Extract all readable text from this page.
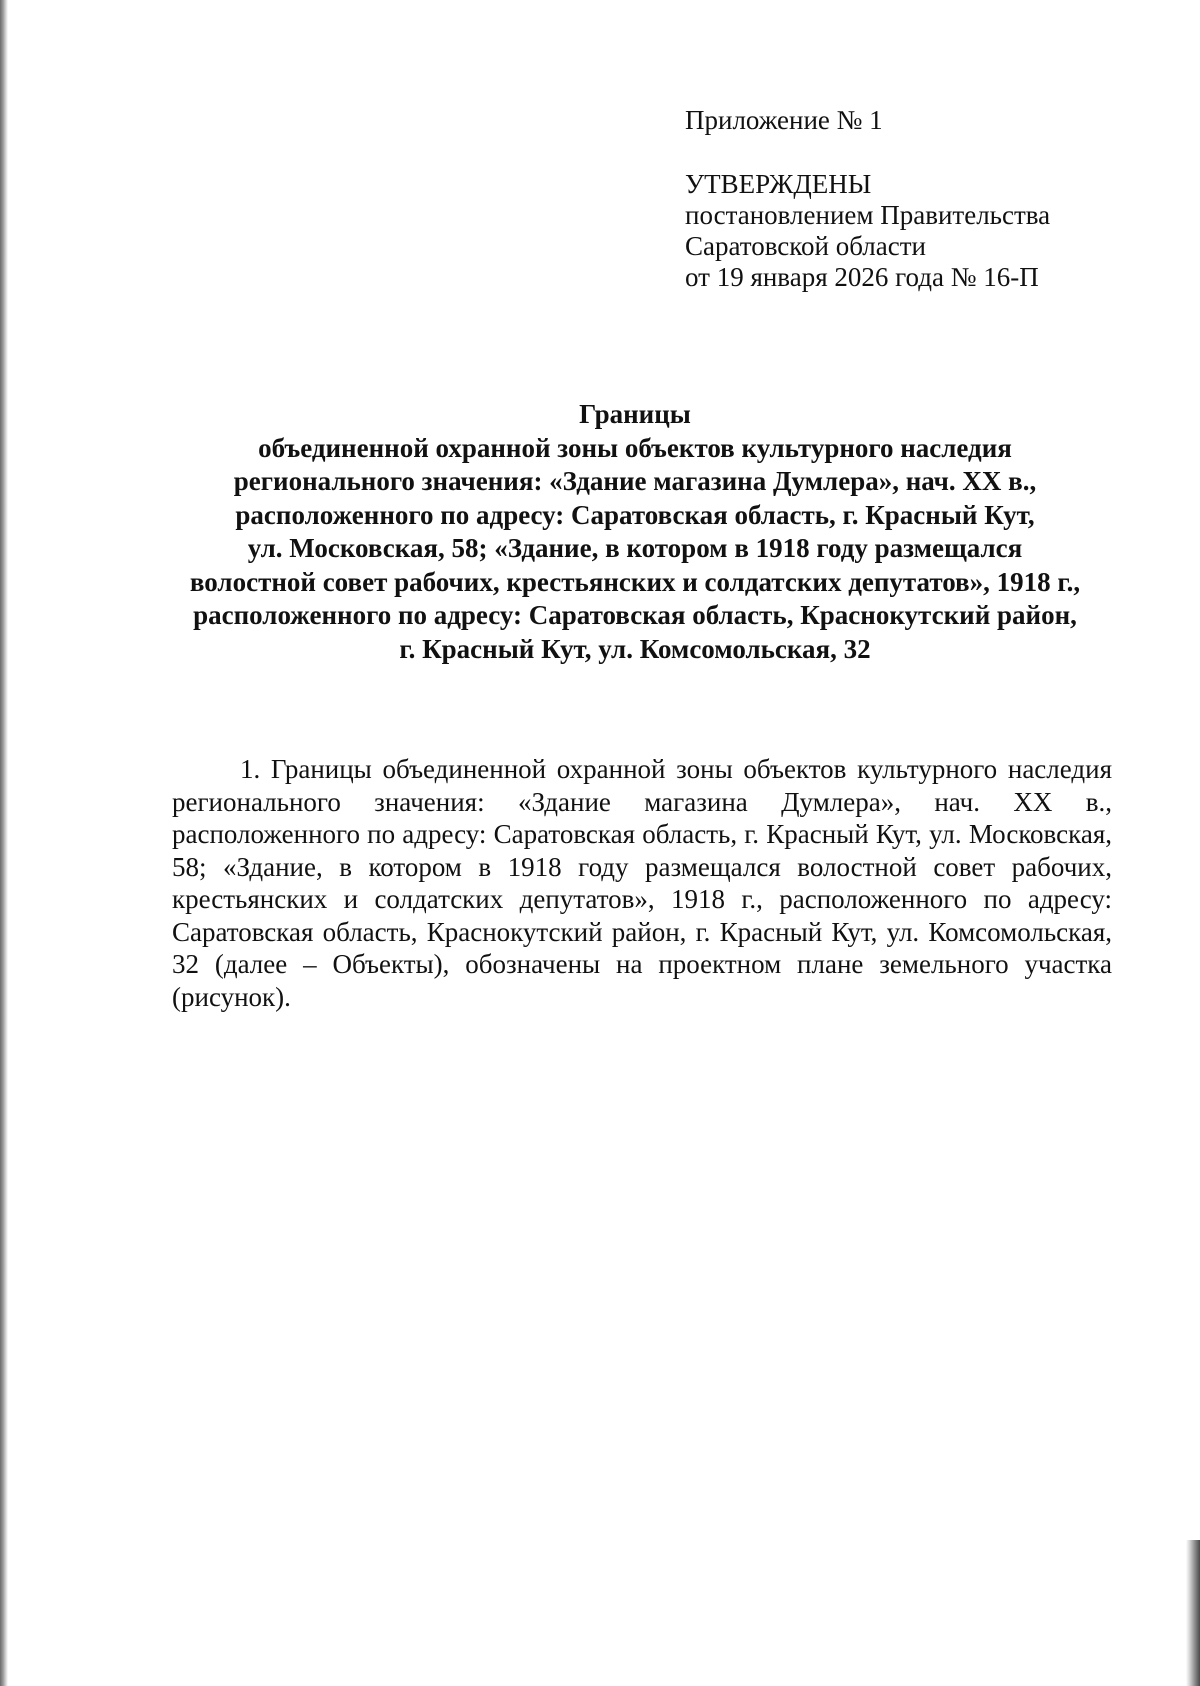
Приложение № 1
УТВЕРЖДЕНЫ
постановлением Правительства
Саратовской области
от 19 января 2026 года № 16-П
Границы
объединенной охранной зоны объектов культурного наследия
регионального значения: «Здание магазина Думлера», нач. XX в.,
расположенного по адресу: Саратовская область, г. Красный Кут,
ул. Московская, 58; «Здание, в котором в 1918 году размещался
волостной совет рабочих, крестьянских и солдатских депутатов», 1918 г.,
расположенного по адресу: Саратовская область, Краснокутский район,
г. Красный Кут, ул. Комсомольская, 32

1. Границы объединенной охранной зоны объектов культурного наследия регионального значения: «Здание магазина Думлера», нач. XX в., расположенного по адресу: Саратовская область, г. Красный Кут, ул. Московская, 58; «Здание, в котором в 1918 году размещался волостной совет рабочих, крестьянских и солдатских депутатов», 1918 г., расположенного по адресу: Саратовская область, Краснокутский район, г. Красный Кут, ул. Комсомольская, 32 (далее – Объекты), обозначены на проектном плане земельного участка (рисунок).
